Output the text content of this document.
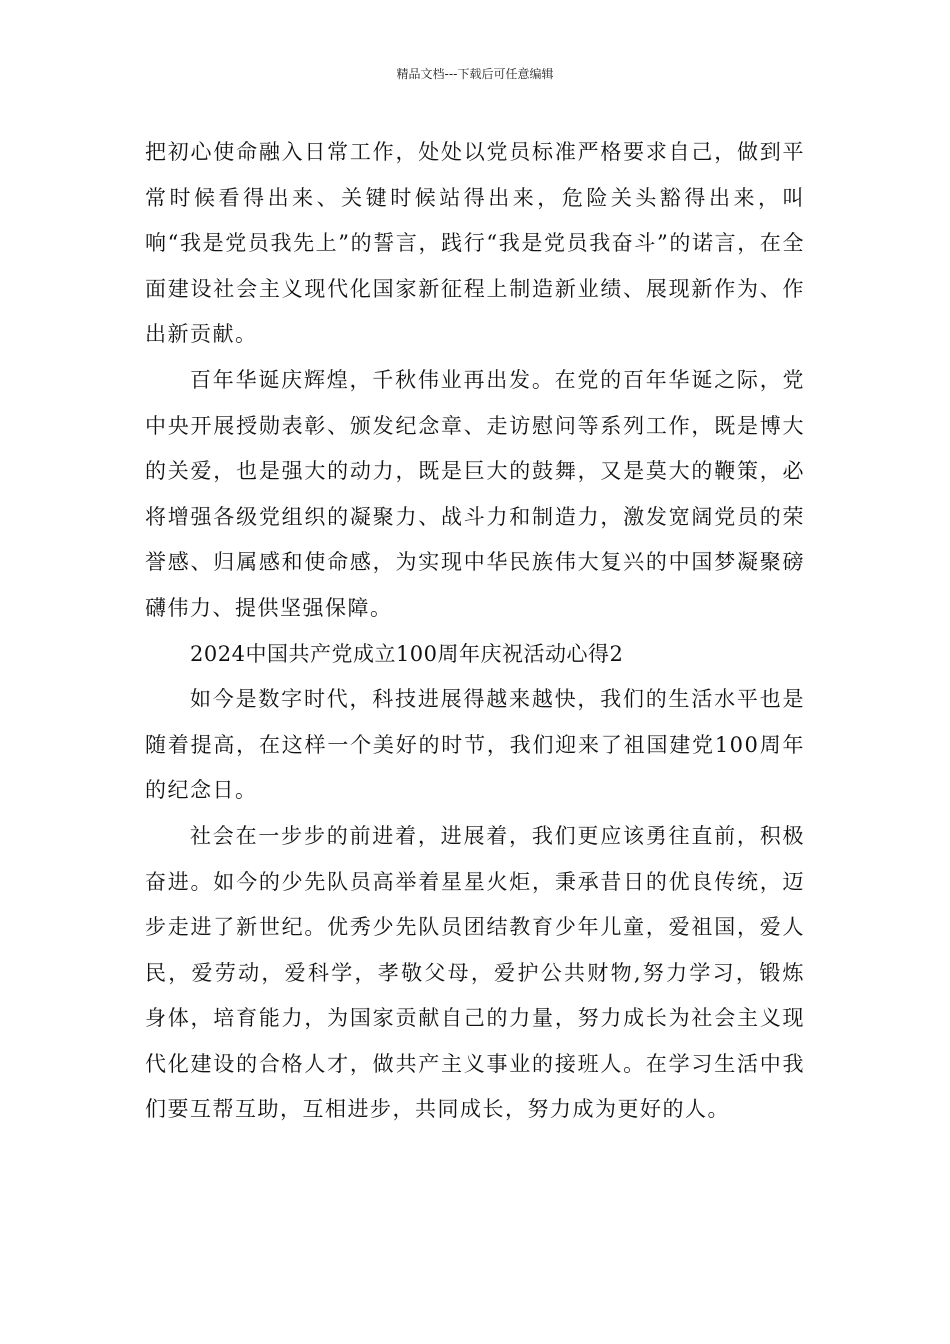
精品文档---下载后可任意编辑

把初心使命融入日常工作，处处以党员标准严格要求自己，做到平常时候看得出来、关键时候站得出来，危险关头豁得出来，叫响“我是党员我先上”的誓言，践行“我是党员我奋斗”的诺言，在全面建设社会主义现代化国家新征程上制造新业绩、展现新作为、作出新贡献。

百年华诞庆辉煌，千秋伟业再出发。在党的百年华诞之际，党中央开展授勋表彰、颁发纪念章、走访慰问等系列工作，既是博大的关爱，也是强大的动力，既是巨大的鼓舞，又是莫大的鞭策，必将增强各级党组织的凝聚力、战斗力和制造力，激发宽阔党员的荣誉感、归属感和使命感，为实现中华民族伟大复兴的中国梦凝聚磅礴伟力、提供坚强保障。

2024中国共产党成立100周年庆祝活动心得2

如今是数字时代，科技进展得越来越快，我们的生活水平也是随着提高，在这样一个美好的时节，我们迎来了祖国建党100周年的纪念日。

社会在一步步的前进着，进展着，我们更应该勇往直前，积极奋进。如今的少先队员高举着星星火炬，秉承昔日的优良传统，迈步走进了新世纪。优秀少先队员团结教育少年儿童，爱祖国，爱人民，爱劳动，爱科学，孝敬父母，爱护公共财物,努力学习，锻炼身体，培育能力，为国家贡献自己的力量，努力成长为社会主义现代化建设的合格人才，做共产主义事业的接班人。在学习生活中我们要互帮互助，互相进步，共同成长，努力成为更好的人。
